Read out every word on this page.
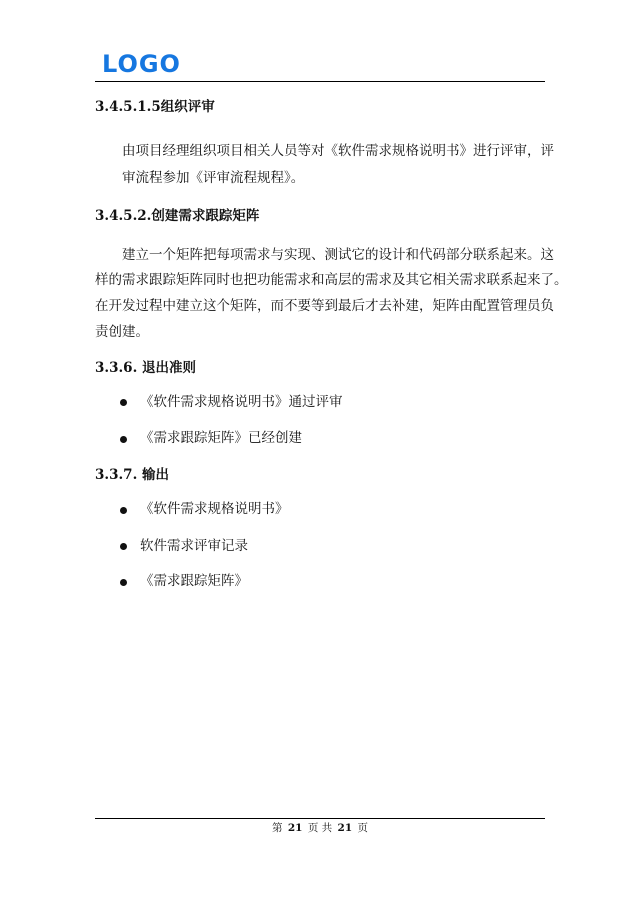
LOGO
3.4.5.1.5组织评审
由项目经理组织项目相关人员等对《软件需求规格说明书》进行评审，评
审流程参加《评审流程规程》。
3.4.5.2.创建需求跟踪矩阵
建立一个矩阵把每项需求与实现、测试它的设计和代码部分联系起来。这
样的需求跟踪矩阵同时也把功能需求和高层的需求及其它相关需求联系起来了。
在开发过程中建立这个矩阵，而不要等到最后才去补建，矩阵由配置管理员负
责创建。
3.3.6. 退出准则
《软件需求规格说明书》通过评审
《需求跟踪矩阵》已经创建
3.3.7. 输出
《软件需求规格说明书》
软件需求评审记录
《需求跟踪矩阵》
第 21 页 共 21 页
